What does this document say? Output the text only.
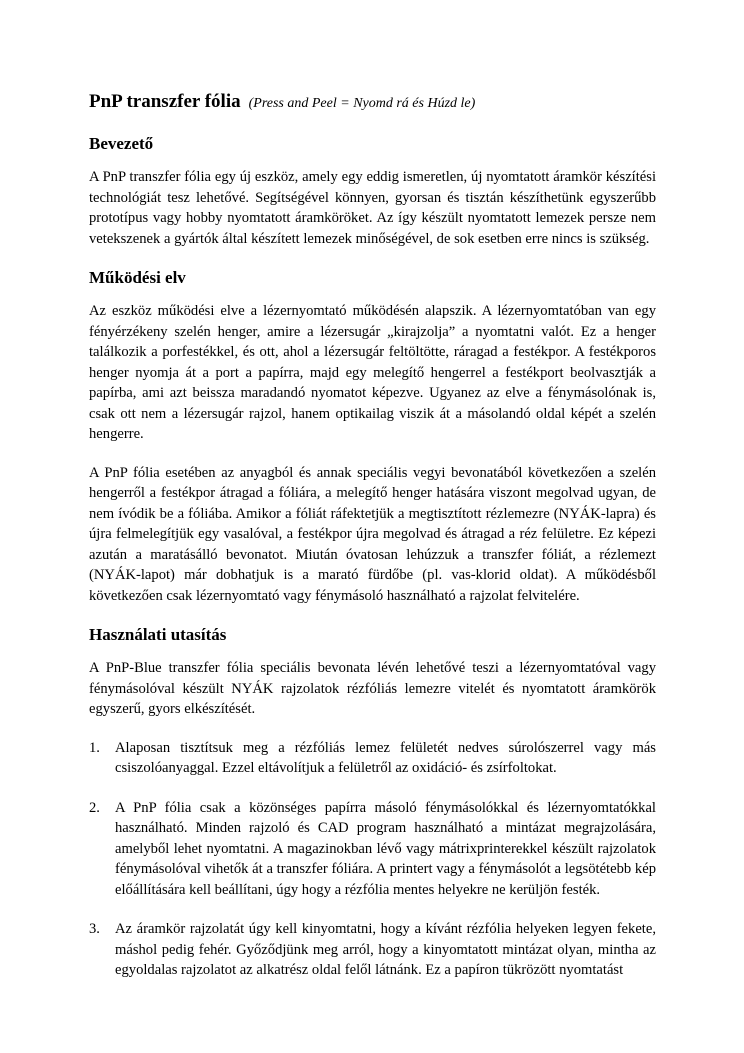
PnP transzfer fólia (Press and Peel = Nyomd rá és Húzd le)
Bevezető

A PnP transzfer fólia egy új eszköz, amely egy eddig ismeretlen, új nyomtatott áramkör készítési technológiát tesz lehetővé. Segítségével könnyen, gyorsan és tisztán készíthetünk egyszerűbb prototípus vagy hobby nyomtatott áramköröket. Az így készült nyomtatott lemezek persze nem vetekszenek a gyártók által készített lemezek minőségével, de sok esetben erre nincs is szükség.

Működési elv

Az eszköz működési elve a lézernyomtató működésén alapszik. A lézernyomtatóban van egy fényérzékeny szelén henger, amire a lézersugár „kirajzolja” a nyomtatni valót. Ez a henger találkozik a porfestékkel, és ott, ahol a lézersugár feltöltötte, ráragad a festékpor. A festékporos henger nyomja át a port a papírra, majd egy melegítő hengerrel a festékport beolvasztják a papírba, ami azt beissza maradandó nyomatot képezve. Ugyanez az elve a fénymásolónak is, csak ott nem a lézersugár rajzol, hanem optikailag viszik át a másolandó oldal képét a szelén hengerre.

A PnP fólia esetében az anyagból és annak speciális vegyi bevonatából következően a szelén hengerről a festékpor átragad a fóliára, a melegítő henger hatására viszont megolvad ugyan, de nem ívódik be a fóliába. Amikor a fóliát ráfektetjük a megtisztított rézlemezre (NYÁK-lapra) és újra felmelegítjük egy vasalóval, a festékpor újra megolvad és átragad a réz felületre. Ez képezi azután a maratásálló bevonatot. Miután óvatosan lehúzzuk a transzfer fóliát, a rézlemezt (NYÁK-lapot) már dobhatjuk is a marató fürdőbe (pl. vas-klorid oldat). A működésből következően csak lézernyomtató vagy fénymásoló használható a rajzolat felvitelére.

Használati utasítás

A PnP-Blue transzfer fólia speciális bevonata lévén lehetővé teszi a lézernyomtatóval vagy fénymásolóval készült NYÁK rajzolatok rézfóliás lemezre vitelét és nyomtatott áramkörök egyszerű, gyors elkészítését.

1. Alaposan tisztítsuk meg a rézfóliás lemez felületét nedves súrolószerrel vagy más csiszolóanyaggal. Ezzel eltávolítjuk a felületről az oxidáció- és zsírfoltokat.

2. A PnP fólia csak a közönséges papírra másoló fénymásolókkal és lézernyomtatókkal használható. Minden rajzoló és CAD program használható a mintázat megrajzolására, amelyből lehet nyomtatni. A magazinokban lévő vagy mátrixprinterekkel készült rajzolatok fénymásolóval vihetők át a transzfer fóliára. A printert vagy a fénymásolót a legsötétebb kép előállítására kell beállítani, úgy hogy a rézfólia mentes helyekre ne kerüljön festék.

3. Az áramkör rajzolatát úgy kell kinyomtatni, hogy a kívánt rézfólia helyeken legyen fekete, máshol pedig fehér. Győződjünk meg arról, hogy a kinyomtatott mintázat olyan, mintha az egyoldalas rajzolatot az alkatrész oldal felől látnánk. Ez a papíron tükrözött nyomtatást
